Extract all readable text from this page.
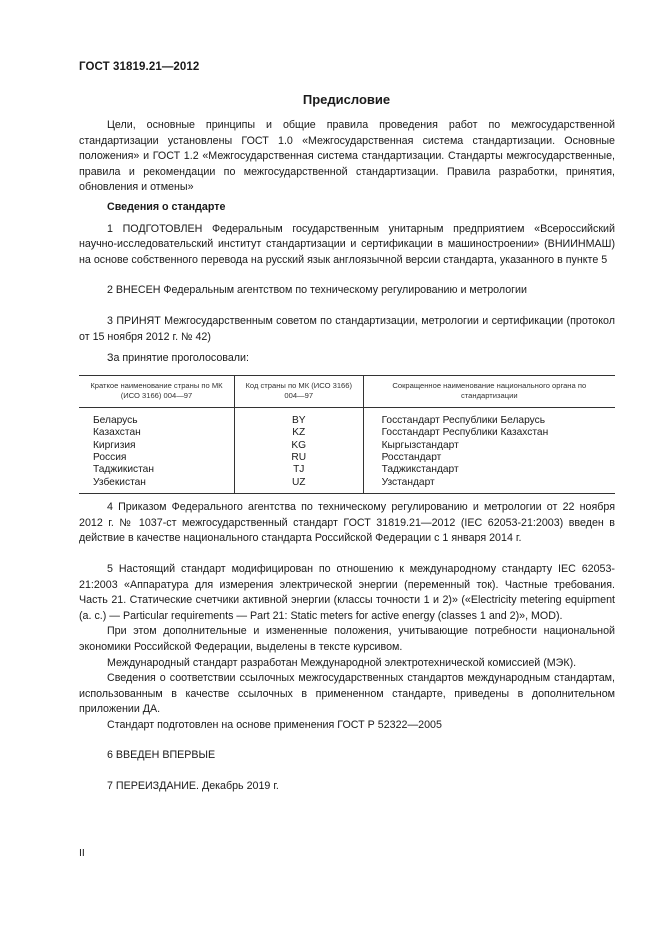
ГОСТ 31819.21—2012
Предисловие

Цели, основные принципы и общие правила проведения работ по межгосударственной стандартизации установлены ГОСТ 1.0 «Межгосударственная система стандартизации. Основные положения» и ГОСТ 1.2 «Межгосударственная система стандартизации. Стандарты межгосударственные, правила и рекомендации по межгосударственной стандартизации. Правила разработки, принятия, обновления и отмены»

Сведения о стандарте

1 ПОДГОТОВЛЕН Федеральным государственным унитарным предприятием «Всероссийский научно-исследовательский институт стандартизации и сертификации в машиностроении» (ВНИИНМАШ) на основе собственного перевода на русский язык англоязычной версии стандарта, указанного в пункте 5

2 ВНЕСЕН Федеральным агентством по техническому регулированию и метрологии

3 ПРИНЯТ Межгосударственным советом по стандартизации, метрологии и сертификации (протокол от 15 ноября 2012 г. № 42)

За принятие проголосовали:

Краткое наименование страны по МК (ИСО 3166) 004—97	Код страны по МК (ИСО 3166) 004—97	Сокращенное наименование национального органа по стандартизации
Беларусь	BY	Госстандарт Республики Беларусь
Казахстан	KZ	Госстандарт Республики Казахстан
Киргизия	KG	Кыргызстандарт
Россия	RU	Росстандарт
Таджикистан	TJ	Таджикстандарт
Узбекистан	UZ	Узстандарт

4 Приказом Федерального агентства по техническому регулированию и метрологии от 22 ноября 2012 г. № 1037-ст межгосударственный стандарт ГОСТ 31819.21—2012 (IEC 62053-21:2003) введен в действие в качестве национального стандарта Российской Федерации с 1 января 2014 г.

5 Настоящий стандарт модифицирован по отношению к международному стандарту IEC 62053-21:2003 «Аппаратура для измерения электрической энергии (переменный ток). Частные требования. Часть 21. Статические счетчики активной энергии (классы точности 1 и 2)» («Electricity metering equipment (a. c.) — Particular requirements — Part 21: Static meters for active energy (classes 1 and 2)», MOD).

При этом дополнительные и измененные положения, учитывающие потребности национальной экономики Российской Федерации, выделены в тексте курсивом.

Международный стандарт разработан Международной электротехнической комиссией (МЭК).

Сведения о соответствии ссылочных межгосударственных стандартов международным стандартам, использованным в качестве ссылочных в примененном стандарте, приведены в дополнительном приложении ДА.

Стандарт подготовлен на основе применения ГОСТ Р 52322—2005

6 ВВЕДЕН ВПЕРВЫЕ

7 ПЕРЕИЗДАНИЕ. Декабрь 2019 г.

II
